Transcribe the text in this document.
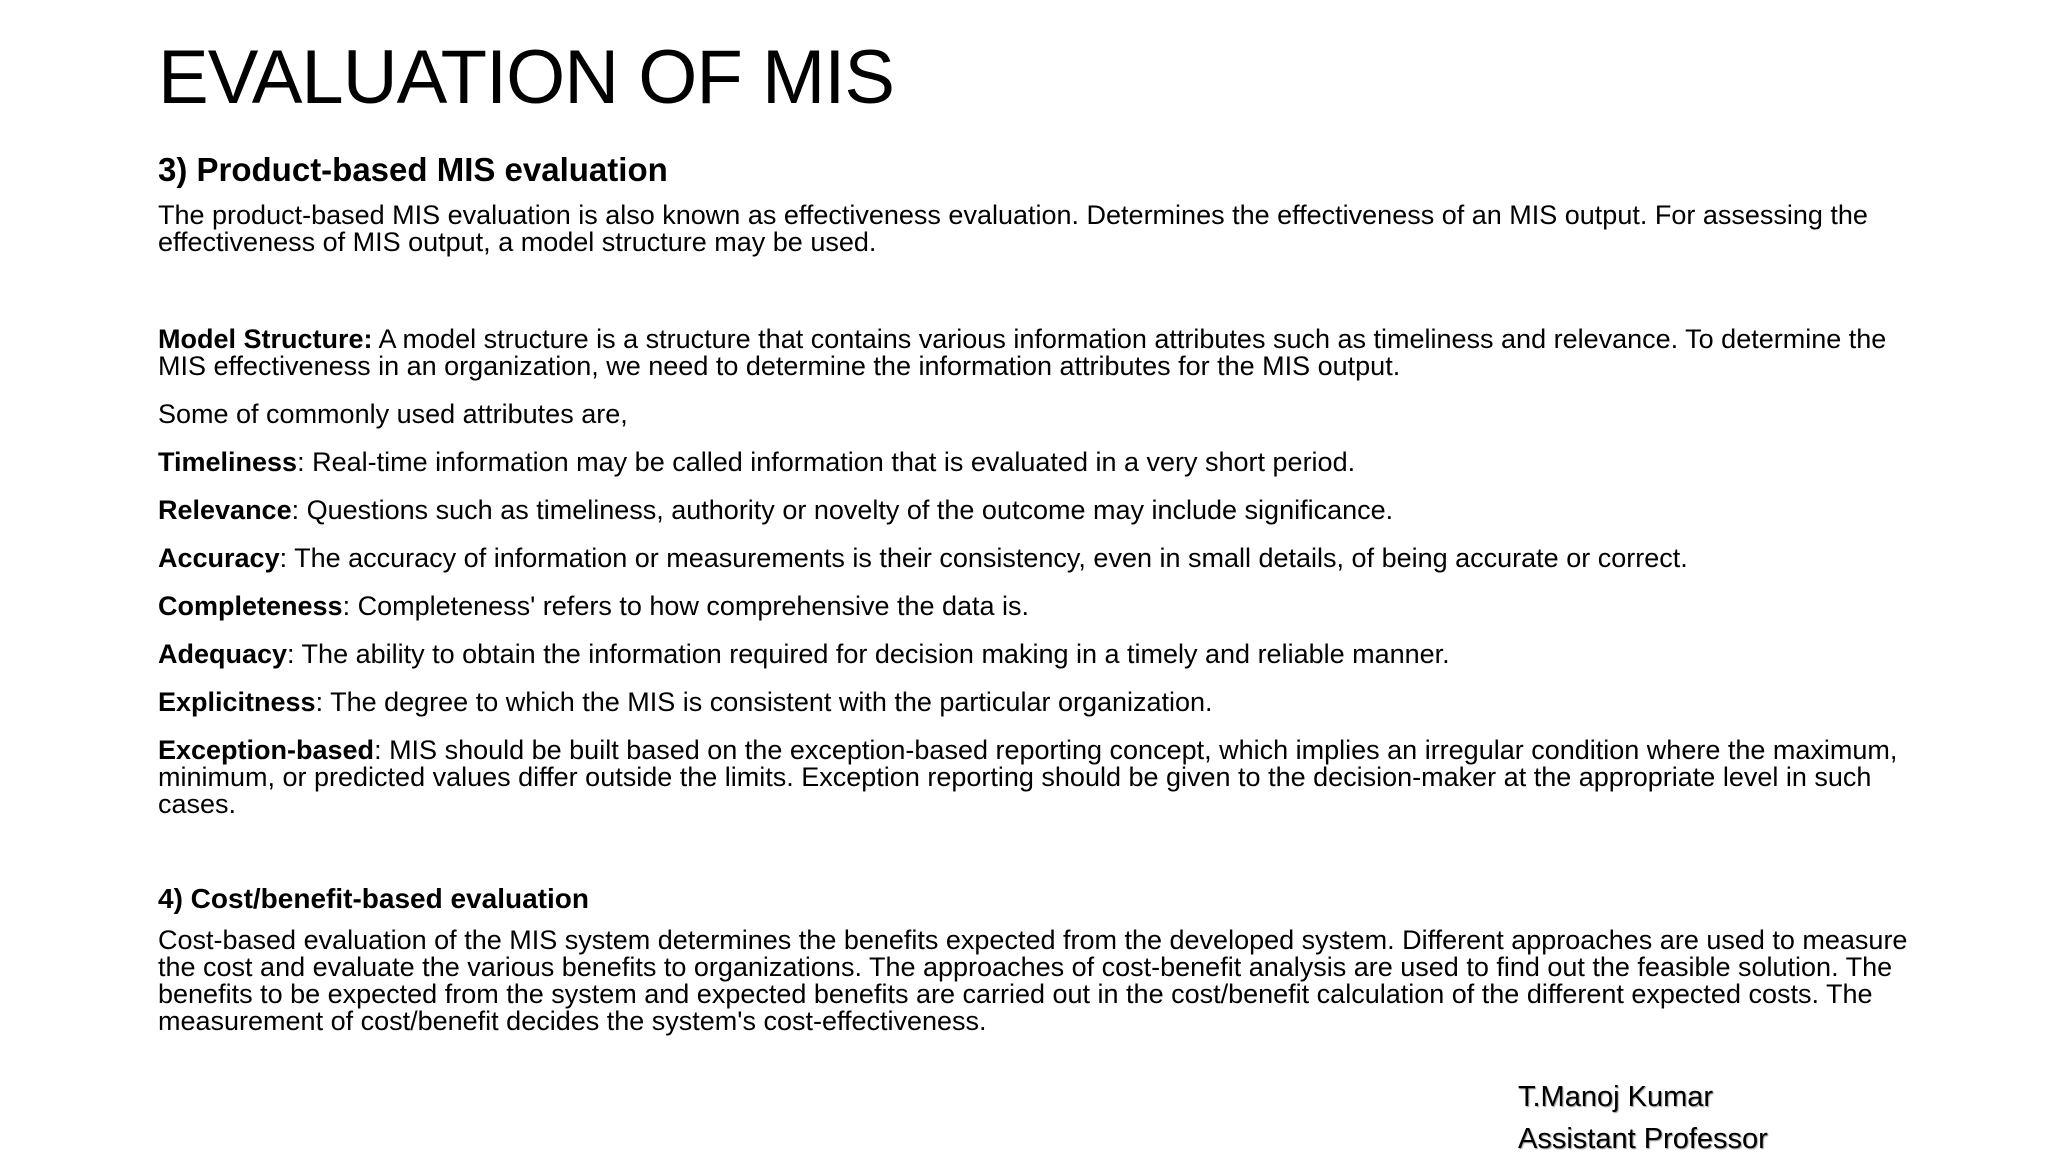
EVALUATION OF MIS
3) Product-based MIS evaluation
The product-based MIS evaluation is also known as effectiveness evaluation. Determines the effectiveness of an MIS output. For assessing the effectiveness of MIS output, a model structure may be used.
Model Structure: A model structure is a structure that contains various information attributes such as timeliness and relevance. To determine the MIS effectiveness in an organization, we need to determine the information attributes for the MIS output.
Some of commonly used attributes are,
Timeliness: Real-time information may be called information that is evaluated in a very short period.
Relevance: Questions such as timeliness, authority or novelty of the outcome may include significance.
Accuracy: The accuracy of information or measurements is their consistency, even in small details, of being accurate or correct.
Completeness: Completeness' refers to how comprehensive the data is.
Adequacy: The ability to obtain the information required for decision making in a timely and reliable manner.
Explicitness: The degree to which the MIS is consistent with the particular organization.
Exception-based: MIS should be built based on the exception-based reporting concept, which implies an irregular condition where the maximum, minimum, or predicted values differ outside the limits. Exception reporting should be given to the decision-maker at the appropriate level in such cases.
4) Cost/benefit-based evaluation
Cost-based evaluation of the MIS system determines the benefits expected from the developed system. Different approaches are used to measure the cost and evaluate the various benefits to organizations. The approaches of cost-benefit analysis are used to find out the feasible solution. The benefits to be expected from the system and expected benefits are carried out in the cost/benefit calculation of the different expected costs. The measurement of cost/benefit decides the system's cost-effectiveness.
T.Manoj Kumar
Assistant Professor
